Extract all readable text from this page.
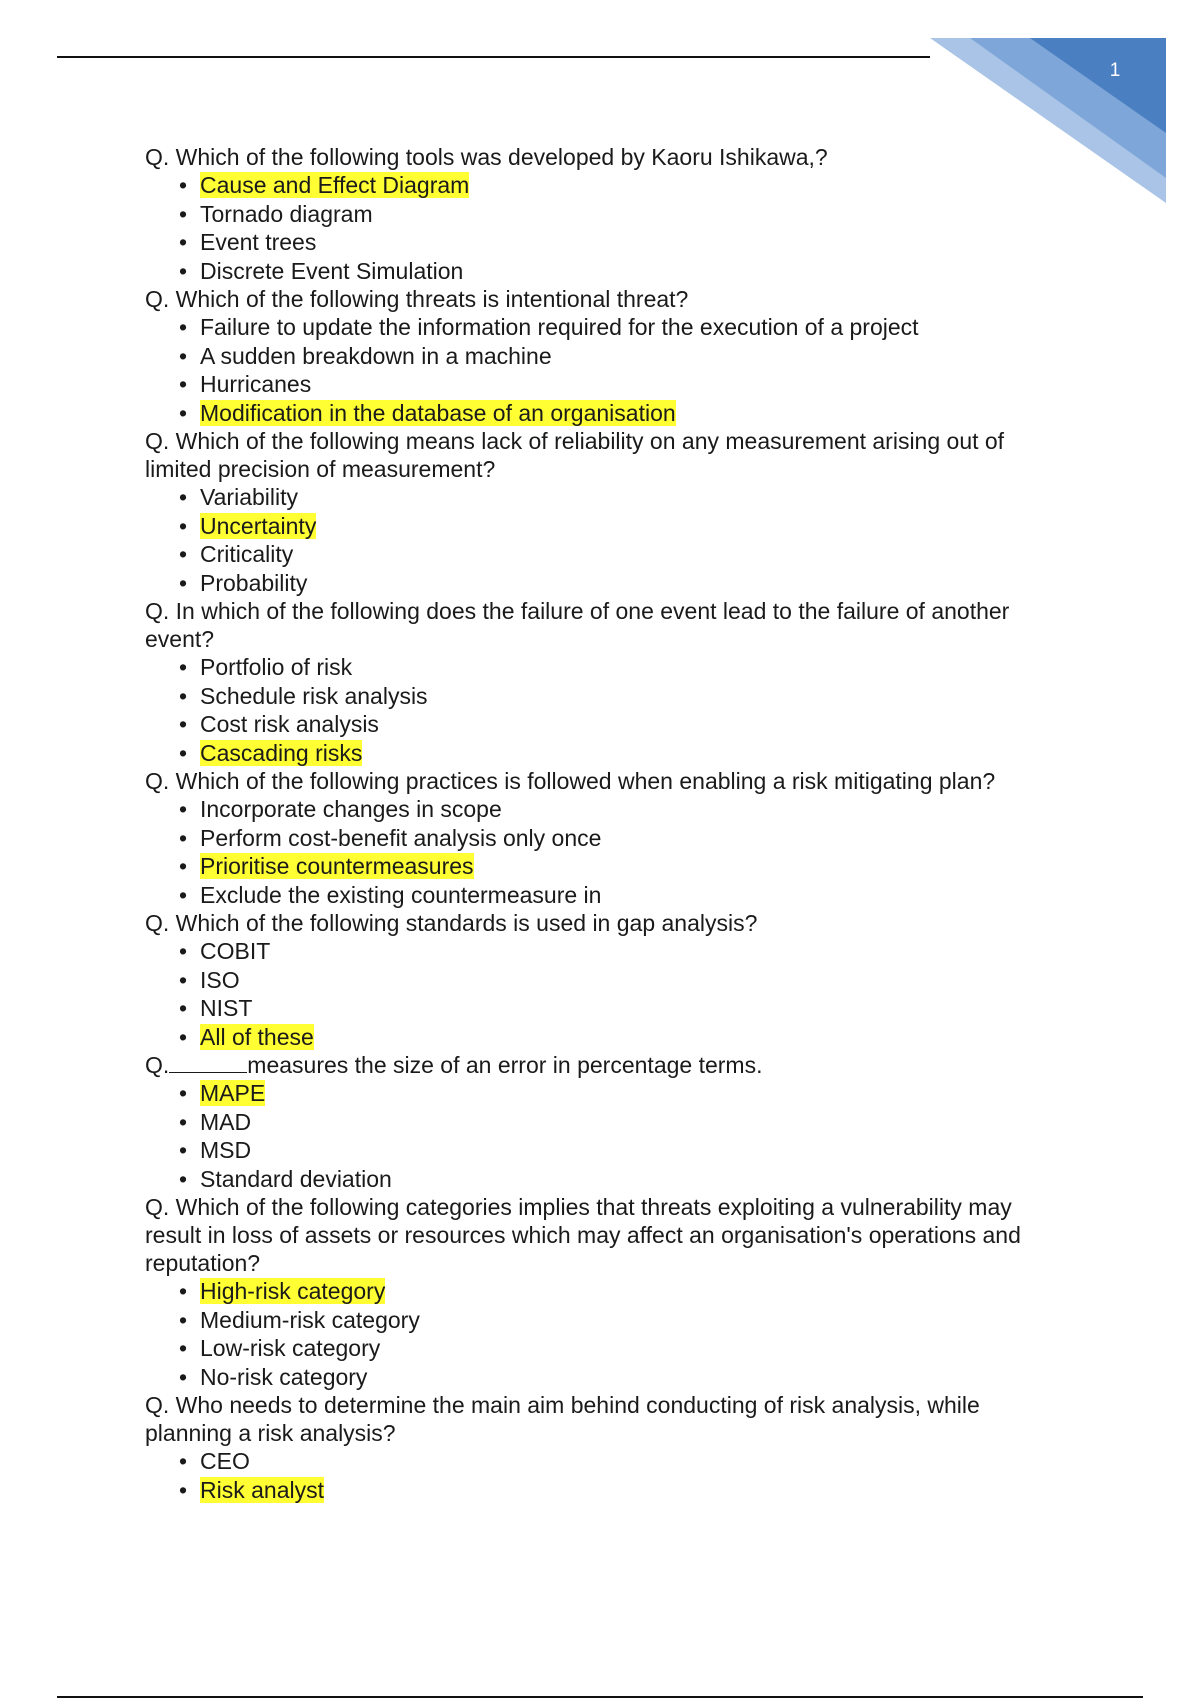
1

Q. Which of the following tools was developed by Kaoru Ishikawa,?

• Cause and Effect Diagram
• Tornado diagram
• Event trees
• Discrete Event Simulation

Q. Which of the following threats is intentional threat?

• Failure to update the information required for the execution of a project
• A sudden breakdown in a machine
• Hurricanes
• Modification in the database of an organisation

Q. Which of the following means lack of reliability on any measurement arising out of limited precision of measurement?

• Variability
• Uncertainty
• Criticality
• Probability

Q. In which of the following does the failure of one event lead to the failure of another event?

• Portfolio of risk
• Schedule risk analysis
• Cost risk analysis
• Cascading risks

Q. Which of the following practices is followed when enabling a risk mitigating plan?

• Incorporate changes in scope
• Perform cost-benefit analysis only once
• Prioritise countermeasures
• Exclude the existing countermeasure in

Q. Which of the following standards is used in gap analysis?

• COBIT
• ISO
• NIST
• All of these

Q.	measures the size of an error in percentage terms.

• MAPE
• MAD
• MSD
• Standard deviation

Q. Which of the following categories implies that threats exploiting a vulnerability may result in loss of assets or resources which may affect an organisation's operations and reputation?

• High-risk category
• Medium-risk category
• Low-risk category
• No-risk category

Q. Who needs to determine the main aim behind conducting of risk analysis, while planning a risk analysis?

• CEO
• Risk analyst
